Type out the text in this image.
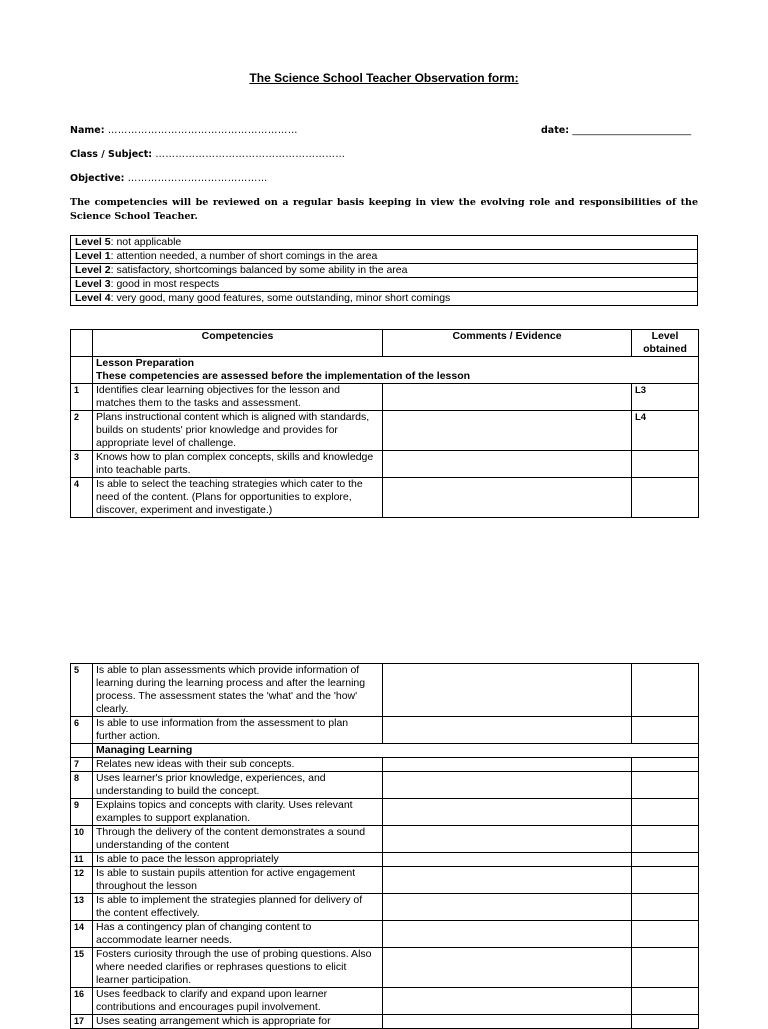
The Science School Teacher Observation form:
Name: …………………………………………………	date: _________________________
Class / Subject: …………………………………………………
Objective: ……………………………………
The competencies will be reviewed on a regular basis keeping in view the evolving role and responsibilities of the Science School Teacher.
Level 5: not applicable
Level 1: attention needed, a number of short comings in the area
Level 2: satisfactory, shortcomings balanced by some ability in the area
Level 3: good in most respects
Level 4: very good, many good features, some outstanding, minor short comings
	Competencies	Comments / Evidence	Level obtained

	Lesson Preparation
These competencies are assessed before the implementation of the lesson		

1	Identifies clear learning objectives for the lesson and matches them to the tasks and assessment.		L3
2	Plans instructional content which is aligned with standards, builds on students' prior knowledge and provides for appropriate level of challenge.		L4
3	Knows how to plan complex concepts, skills and knowledge into teachable parts.		
4	Is able to select the teaching strategies which cater to the need of the content. (Plans for opportunities to explore, discover, experiment and investigate.)		
5	Is able to plan assessments which provide information of learning during the learning process and after the learning process. The assessment states the 'what' and the 'how' clearly.		
6	Is able to use information from the assessment to plan further action.		
	Managing Learning		
7	Relates new ideas with their sub concepts.		
8	Uses learner's prior knowledge, experiences, and understanding to build the concept.		
9	Explains topics and concepts with clarity. Uses relevant examples to support explanation.		
10	Through the delivery of the content demonstrates a sound understanding of the content		
11	Is able to pace the lesson appropriately		
12	Is able to sustain pupils attention for active engagement throughout the lesson		
13	Is able to implement the strategies planned for delivery of the content effectively.		
14	Has a contingency plan of changing content to accommodate learner needs.		
15	Fosters curiosity through the use of probing questions. Also where needed clarifies or rephrases questions to elicit learner participation.		
16	Uses feedback to clarify and expand upon learner contributions and encourages pupil involvement.		
17	Uses seating arrangement which is appropriate for		
